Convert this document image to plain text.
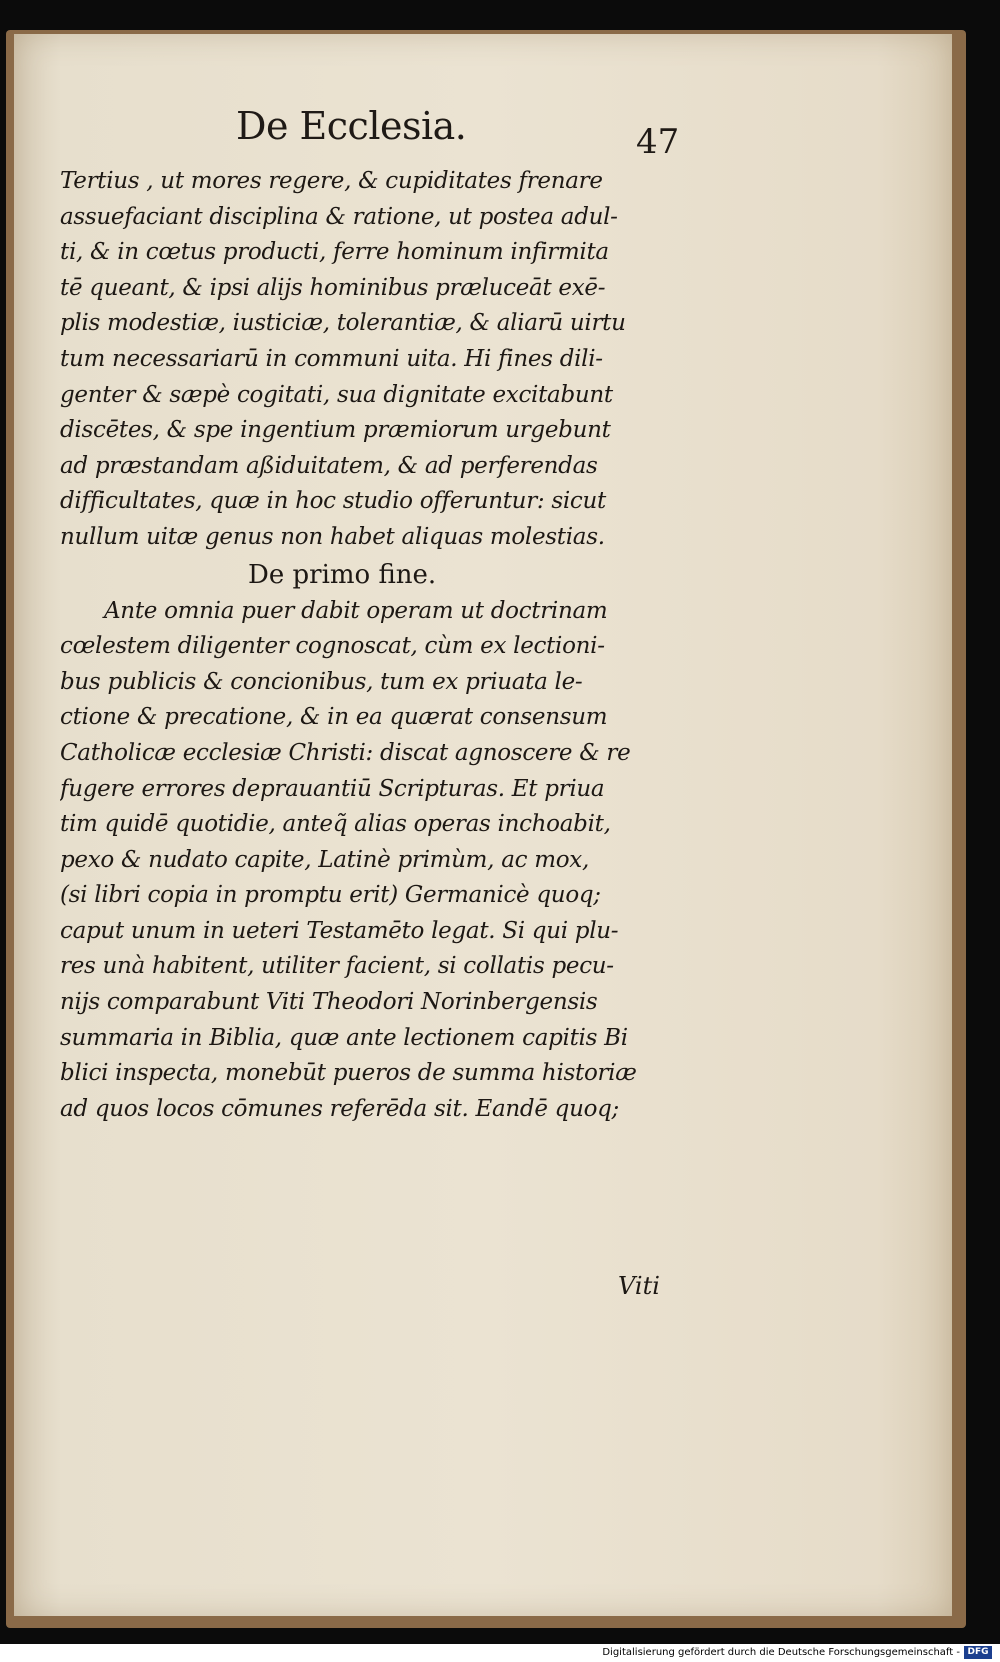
De Ecclesia.	47
Tertius , ut mores regere, & cupiditates frenare
assuefaciant disciplina & ratione, ut postea adul-
ti, & in cœtus producti, ferre hominum infirmita
tē queant, & ipsi alijs hominibus præluceāt exē-
plis modestiæ, iusticiæ, tolerantiæ, & aliarū uirtu
tum necessariarū in communi uita. Hi fines dili-
genter & sæpè cogitati, sua dignitate excitabunt
discētes, & spe ingentium præmiorum urgebunt
ad præstandam aßiduitatem, & ad perferendas
difficultates, quæ in hoc studio offeruntur: sicut
nullum uitæ genus non habet aliquas molestias.
De primo fine.
Ante omnia puer dabit operam ut doctrinam
cœlestem diligenter cognoscat, cùm ex lectioni-
bus publicis & concionibus, tum ex priuata le-
ctione & precatione, & in ea quærat consensum
Catholicæ ecclesiæ Christi: discat agnoscere & re
fugere errores deprauantiū Scripturas. Et priua
tim quidē quotidie, anteq̃ alias operas inchoabit,
pexo & nudato capite, Latinè primùm, ac mox,
(si libri copia in promptu erit) Germanicè quoq;
caput unum in ueteri Testamēto legat. Si qui plu-
res unà habitent, utiliter facient, si collatis pecu-
nijs comparabunt Viti Theodori Norinbergensis
summaria in Biblia, quæ ante lectionem capitis Bi
blici inspecta, monebūt pueros de summa historiæ
ad quos locos cōmunes referēda sit. Eandē quoq;
Viti
Digitalisierung gefördert durch die Deutsche Forschungsgemeinschaft - DFG
